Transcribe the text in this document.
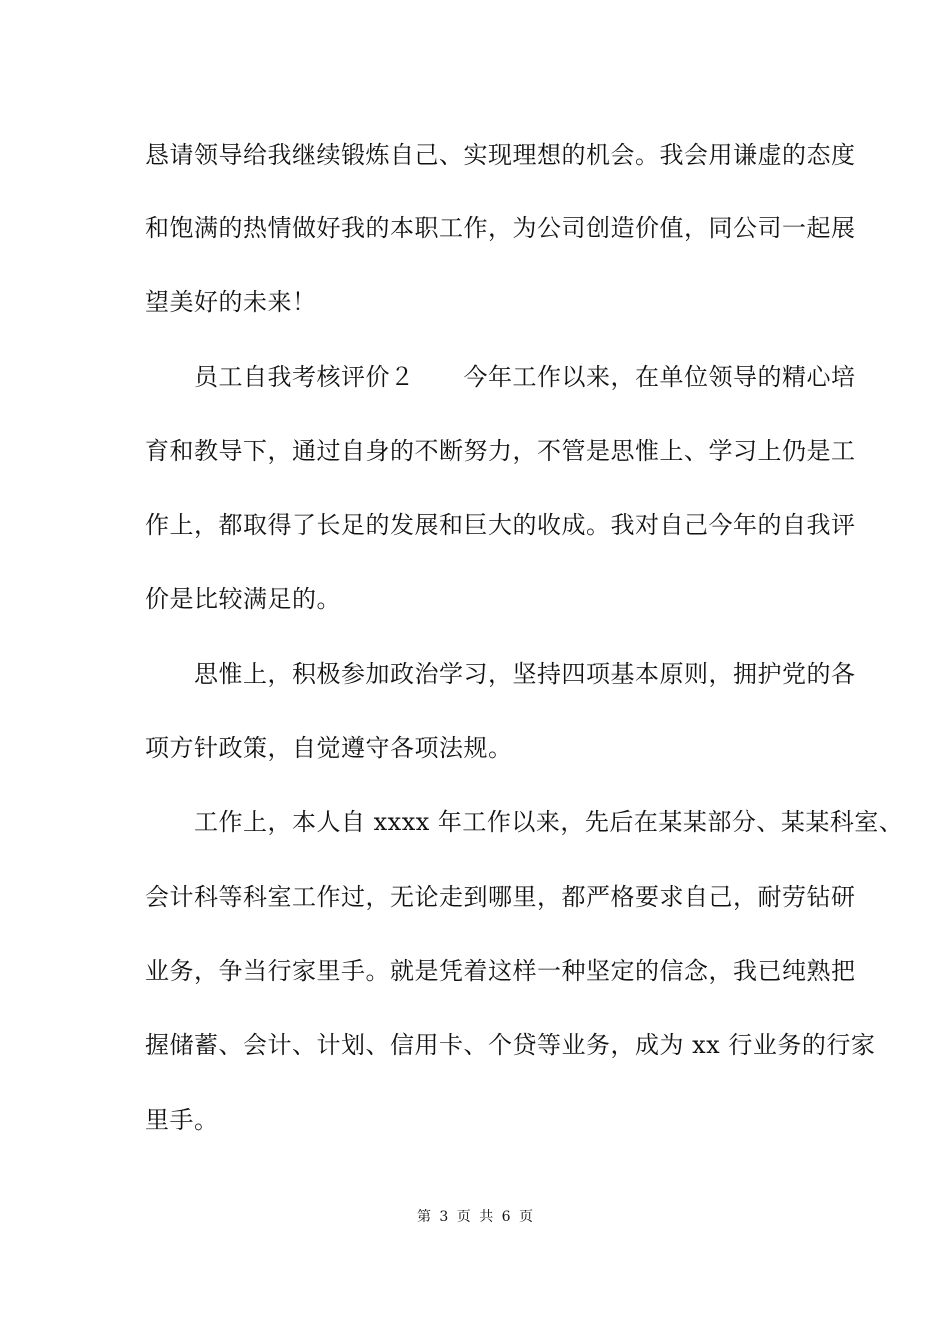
恳请领导给我继续锻炼自己、实现理想的机会。我会用谦虚的态度
和饱满的热情做好我的本职工作，为公司创造价值，同公司一起展
望美好的未来！
　　员工自我考核评价２　　今年工作以来，在单位领导的精心培
育和教导下，通过自身的不断努力，不管是思惟上、学习上仍是工
作上，都取得了长足的发展和巨大的收成。我对自己今年的自我评
价是比较满足的。
　　思惟上，积极参加政治学习，坚持四项基本原则，拥护党的各
项方针政策，自觉遵守各项法规。
　　工作上，本人自 xxxx 年工作以来，先后在某某部分、某某科室、
会计科等科室工作过，无论走到哪里，都严格要求自己，耐劳钻研
业务，争当行家里手。就是凭着这样一种坚定的信念，我已纯熟把
握储蓄、会计、计划、信用卡、个贷等业务，成为 xx 行业务的行家
里手。
第 3 页 共 6 页
